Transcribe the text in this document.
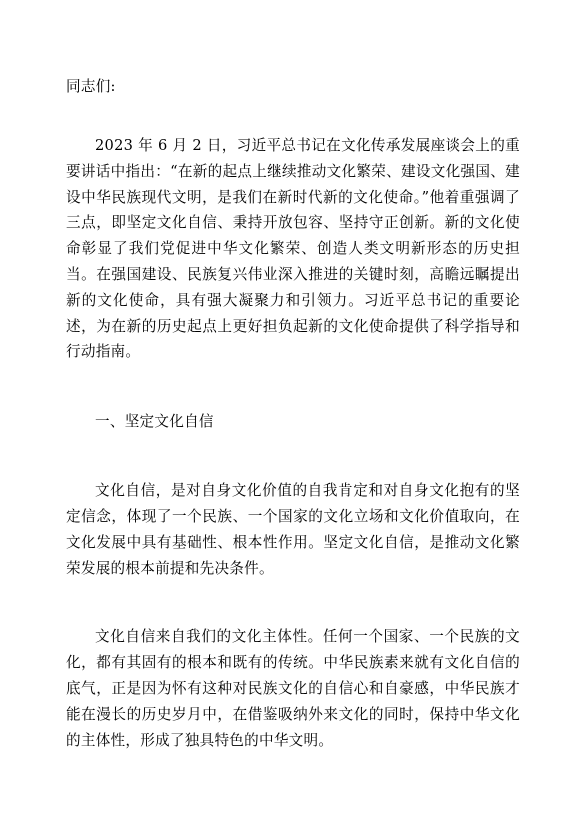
同志们:

2023 年 6 月 2 日，习近平总书记在文化传承发展座谈会上的重要讲话中指出：“在新的起点上继续推动文化繁荣、建设文化强国、建设中华民族现代文明，是我们在新时代新的文化使命。”他着重强调了三点，即坚定文化自信、秉持开放包容、坚持守正创新。新的文化使命彰显了我们党促进中华文化繁荣、创造人类文明新形态的历史担当。在强国建设、民族复兴伟业深入推进的关键时刻，高瞻远瞩提出新的文化使命，具有强大凝聚力和引领力。习近平总书记的重要论述，为在新的历史起点上更好担负起新的文化使命提供了科学指导和行动指南。

一、坚定文化自信

文化自信，是对自身文化价值的自我肯定和对自身文化抱有的坚定信念，体现了一个民族、一个国家的文化立场和文化价值取向，在文化发展中具有基础性、根本性作用。坚定文化自信，是推动文化繁荣发展的根本前提和先决条件。

文化自信来自我们的文化主体性。任何一个国家、一个民族的文化，都有其固有的根本和既有的传统。中华民族素来就有文化自信的底气，正是因为怀有这种对民族文化的自信心和自豪感，中华民族才能在漫长的历史岁月中，在借鉴吸纳外来文化的同时，保持中华文化的主体性，形成了独具特色的中华文明。
